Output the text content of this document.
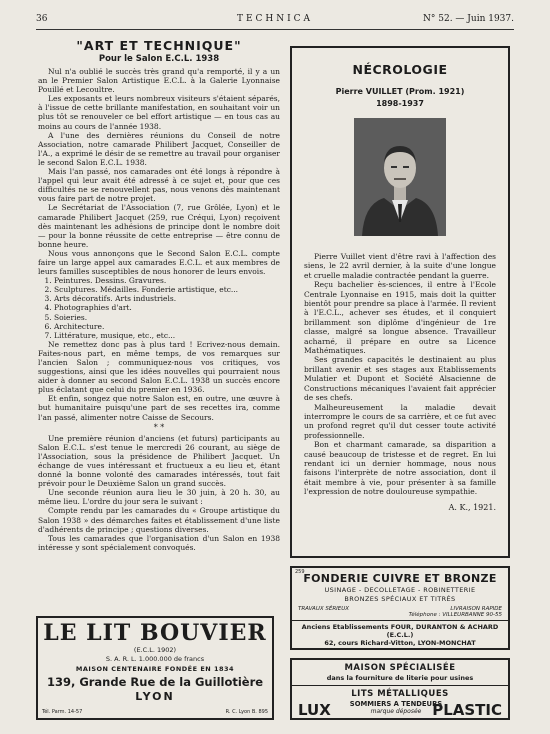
36	TECHNICA	N° 52. — Juin 1937.
"ART ET TECHNIQUE"
Pour le Salon E.C.L. 1938

Nul n'a oublié le succès très grand qu'a remporté, il y a un an le Premier Salon Artistique E.C.L. à la Galerie Lyonnaise Pouillé et Lecoultre.

Les exposants et leurs nombreux visiteurs s'étaient séparés, à l'issue de cette brillante manifestation, en souhaitant voir un plus tôt se renouveler ce bel effort artistique — en tous cas au moins au cours de l'année 1938.

A l'une des dernières réunions du Conseil de notre Association, notre camarade Philibert Jacquet, Conseiller de l'A., a exprimé le désir de se remettre au travail pour organiser le second Salon E.C.L. 1938.

Mais l'an passé, nos camarades ont été longs à répondre à l'appel qui leur avait été adressé à ce sujet et, pour que ces difficultés ne se renouvellent pas, nous venons dès maintenant vous faire part de notre projet.

Le Secrétariat de l'Association (7, rue Grôlée, Lyon) et le camarade Philibert Jacquet (259, rue Créqui, Lyon) reçoivent dès maintenant les adhésions de principe dont le nombre doit — pour la bonne réussite de cette entreprise — être connu de bonne heure.

Nous vous annonçons que le Second Salon E.C.L. compte faire un large appel aux camarades E.C.L. et aux membres de leurs familles susceptibles de nous honorer de leurs envois.

1. Peintures. Dessins. Gravures.
2. Sculptures. Médailles. Fonderie artistique, etc...
3. Arts décoratifs. Arts industriels.
4. Photographies d'art.
5. Soieries.
6. Architecture.
7. Littérature, musique, etc., etc...

Ne remettez donc pas à plus tard ! Ecrivez-nous demain. Faites-nous part, en même temps, de vos remarques sur l'ancien Salon ; communiquez-nous vos critiques, vos suggestions, ainsi que les idées nouvelles qui pourraient nous aider à donner au second Salon E.C.L. 1938 un succès encore plus éclatant que celui du premier en 1936.

Et enfin, songez que notre Salon est, en outre, une œuvre à but humanitaire puisqu'une part de ses recettes ira, comme l'an passé, alimenter notre Caisse de Secours.

* *

Une première réunion d'anciens (et futurs) participants au Salon E.C.L. s'est tenue le mercredi 26 courant, au siège de l'Association, sous la présidence de Philibert Jacquet. Un échange de vues intéressant et fructueux a eu lieu et, étant donné la bonne volonté des camarades intéressés, tout fait prévoir pour le Deuxième Salon un grand succès.

Une seconde réunion aura lieu le 30 juin, à 20 h. 30, au même lieu. L'ordre du jour sera le suivant :

Compte rendu par les camarades du « Groupe artistique du Salon 1938 » des démarches faites et établissement d'une liste d'adhérents de principe ; questions diverses.

Tous les camarades que l'organisation d'un Salon en 1938 intéresse y sont spécialement convoqués.

NÉCROLOGIE
Pierre VUILLET (Prom. 1921)
1898-1937

Pierre Vuillet vient d'être ravi à l'affection des siens, le 22 avril dernier, à la suite d'une longue et cruelle maladie contractée pendant la guerre.

Reçu bachelier ès-sciences, il entre à l'Ecole Centrale Lyonnaise en 1915, mais doit la quitter bientôt pour prendre sa place à l'armée. Il revient à l'E.C.L., achever ses études, et il conquiert brillamment son diplôme d'ingénieur de 1re classe, malgré sa longue absence. Travailleur acharné, il prépare en outre sa Licence Mathématiques.

Ses grandes capacités le destinaient au plus brillant avenir et ses stages aux Etablissements Mulatier et Dupont et Société Alsacienne de Constructions mécaniques l'avaient fait apprécier de ses chefs.

Malheureusement la maladie devait interrompre le cours de sa carrière, et ce fut avec un profond regret qu'il dut cesser toute activité professionnelle.

Bon et charmant camarade, sa disparition a causé beaucoup de tristesse et de regret. En lui rendant ici un dernier hommage, nous nous faisons l'interprète de notre association, dont il était membre à vie, pour présenter à sa famille l'expression de notre douloureuse sympathie.

A. K., 1921.
259
FONDERIE CUIVRE ET BRONZE
USINAGE - DECOLLETAGE - ROBINETTERIE
BRONZES SPÉCIAUX ET TITRÉS
TRAVAUX SÉRIEUX	LIVRAISON RAPIDE
Téléphone : VILLEURBANNE 90-55
Anciens Etablissements FOUR, DURANTON & ACHARD (E.C.L.)
62, cours Richard-Vitton, LYON-MONCHAT
LE LIT BOUVIER
(E.C.L. 1902)
S. A. R. L. 1.000.000 de francs
MAISON CENTENAIRE FONDÉE EN 1834
139, Grande Rue de la Guillotière
LYON
Tél. Parm. 14-57	R. C. Lyon B. 895
MAISON SPÉCIALISÉE
dans la fourniture de literie pour usines
LITS MÉTALLIQUES
LUX	SOMMIERS A TENDEURS
marque déposée PLASTIC
